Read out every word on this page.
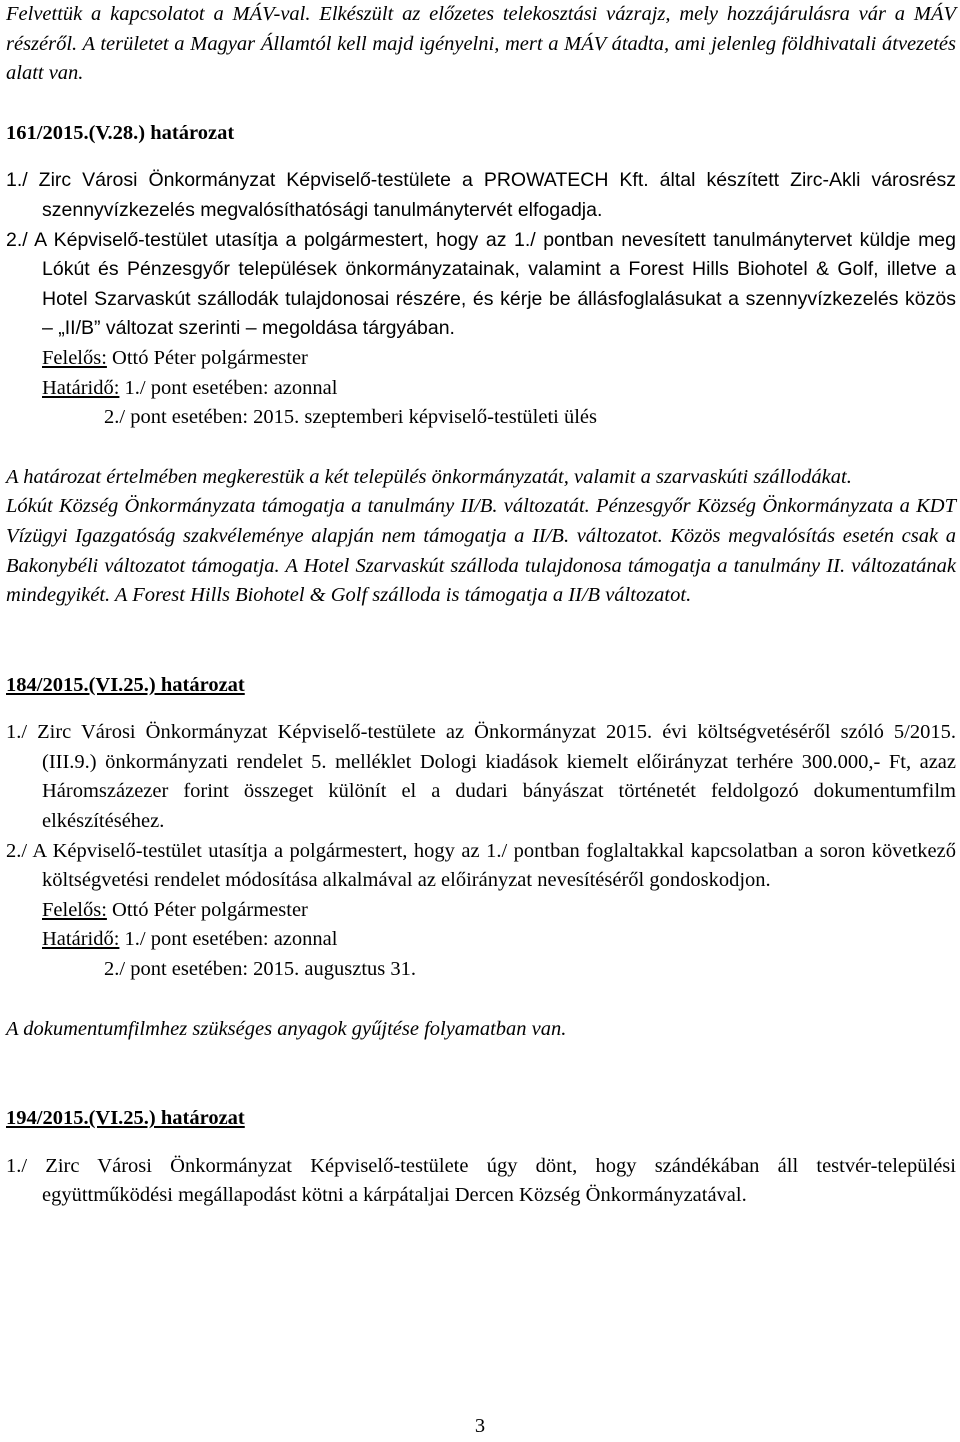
Felvettük a kapcsolatot a MÁV-val. Elkészült az előzetes telekosztási vázrajz, mely hozzájárulásra vár a MÁV részéről. A területet a Magyar Államtól kell majd igényelni, mert a MÁV átadta, ami jelenleg földhivatali átvezetés alatt van.

161/2015.(V.28.) határozat

1./ Zirc Városi Önkormányzat Képviselő-testülete a PROWATECH Kft. által készített Zirc-Akli városrész szennyvízkezelés megvalósíthatósági tanulmánytervét elfogadja.

2./ A Képviselő-testület utasítja a polgármestert, hogy az 1./ pontban nevesített tanulmánytervet küldje meg Lókút és Pénzesgyőr települések önkormányzatainak, valamint a Forest Hills Biohotel & Golf, illetve a Hotel Szarvaskút szállodák tulajdonosai részére, és kérje be állásfoglalásukat a szennyvízkezelés közös – „II/B” változat szerinti – megoldása tárgyában.

Felelős: Ottó Péter polgármester

Határidő: 1./ pont esetében: azonnal

2./ pont esetében: 2015. szeptemberi képviselő-testületi ülés

A határozat értelmében megkerestük a két település önkormányzatát, valamit a szarvaskúti szállodákat.

Lókút Község Önkormányzata támogatja a tanulmány II/B. változatát. Pénzesgyőr Község Önkormányzata a KDT Vízügyi Igazgatóság szakvéleménye alapján nem támogatja a II/B. változatot. Közös megvalósítás esetén csak a Bakonybéli változatot támogatja. A Hotel Szarvaskút szálloda tulajdonosa támogatja a tanulmány II. változatának mindegyikét. A Forest Hills Biohotel & Golf szálloda is támogatja a II/B változatot.

184/2015.(VI.25.) határozat

1./ Zirc Városi Önkormányzat Képviselő-testülete az Önkormányzat 2015. évi költségvetéséről szóló 5/2015.(III.9.) önkormányzati rendelet 5. melléklet Dologi kiadások kiemelt előirányzat terhére 300.000,- Ft, azaz Háromszázezer forint összeget különít el a dudari bányászat történetét feldolgozó dokumentumfilm elkészítéséhez.

2./ A Képviselő-testület utasítja a polgármestert, hogy az 1./ pontban foglaltakkal kapcsolatban a soron következő költségvetési rendelet módosítása alkalmával az előirányzat nevesítéséről gondoskodjon.

Felelős: Ottó Péter polgármester

Határidő: 1./ pont esetében: azonnal

2./ pont esetében: 2015. augusztus 31.

A dokumentumfilmhez szükséges anyagok gyűjtése folyamatban van.

194/2015.(VI.25.) határozat

1./ Zirc Városi Önkormányzat Képviselő-testülete úgy dönt, hogy szándékában áll testvér-települési együttműködési megállapodást kötni a kárpátaljai Dercen Község Önkormányzatával.

3
